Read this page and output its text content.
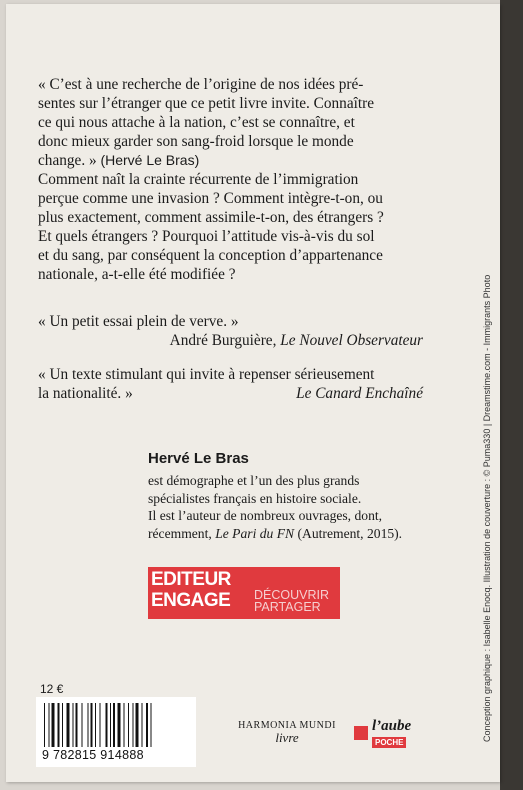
« C’est à une recherche de l’origine de nos idées pré-
sentes sur l’étranger que ce petit livre invite. Connaître
ce qui nous attache à la nation, c’est se connaître, et
donc mieux garder son sang-froid lorsque le monde
change. » (Hervé Le Bras)
Comment naît la crainte récurrente de l’immigration
perçue comme une invasion ? Comment intègre-t-on, ou
plus exactement, comment assimile-t-on, des étrangers ?
Et quels étrangers ? Pourquoi l’attitude vis-à-vis du sol
et du sang, par conséquent la conception d’appartenance
nationale, a-t-elle été modifiée ?

« Un petit essai plein de verve. »

André Burguière, Le Nouvel Observateur

« Un texte stimulant qui invite à repenser sérieusement

la nationalité. »	Le Canard Enchaîné

Hervé Le Bras
est démographe et l’un des plus grands
spécialistes français en histoire sociale.
Il est l’auteur de nombreux ouvrages, dont,
récemment, Le Pari du FN (Autrement, 2015).
EDITEUR
ENGAGE DÉCOUVRIR
PARTAGER
12 €
9 782815 914888
HARMONIA MUNDI
livre
l’aube
POCHE
Conception graphique : Isabelle Enocq. Illustration de couverture : © Puma330 | Dreamstime.com - Immigrants Photo
